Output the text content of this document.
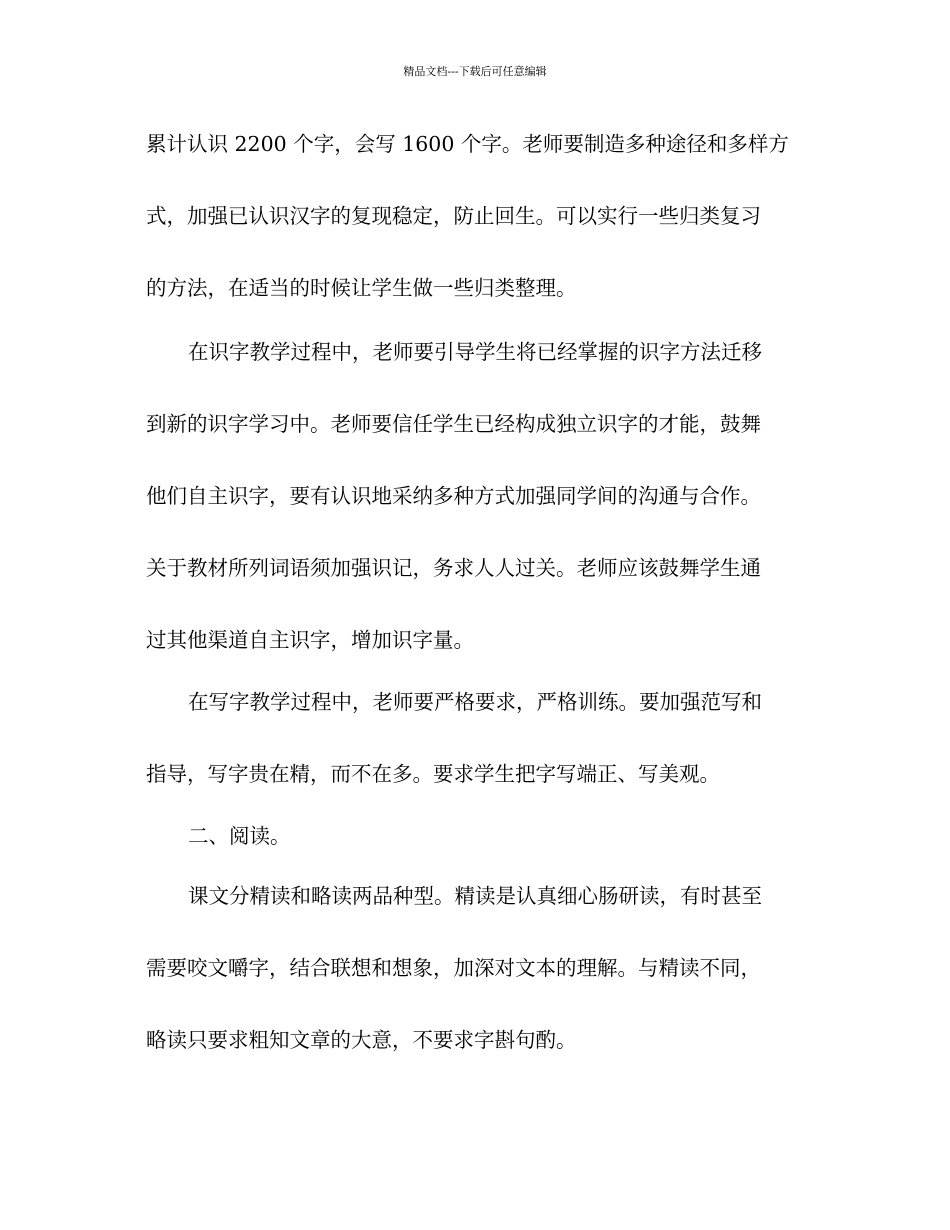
精品文档---下载后可任意编辑
累计认识 2200 个字，会写 1600 个字。老师要制造多种途径和多样方
式，加强已认识汉字的复现稳定，防止回生。可以实行一些归类复习
的方法，在适当的时候让学生做一些归类整理。
在识字教学过程中，老师要引导学生将已经掌握的识字方法迁移
到新的识字学习中。老师要信任学生已经构成独立识字的才能，鼓舞
他们自主识字，要有认识地采纳多种方式加强同学间的沟通与合作。
关于教材所列词语须加强识记，务求人人过关。老师应该鼓舞学生通
过其他渠道自主识字，增加识字量。
在写字教学过程中，老师要严格要求，严格训练。要加强范写和
指导，写字贵在精，而不在多。要求学生把字写端正、写美观。
二、阅读。
课文分精读和略读两品种型。精读是认真细心肠研读，有时甚至
需要咬文嚼字，结合联想和想象，加深对文本的理解。与精读不同，
略读只要求粗知文章的大意，不要求字斟句酌。
